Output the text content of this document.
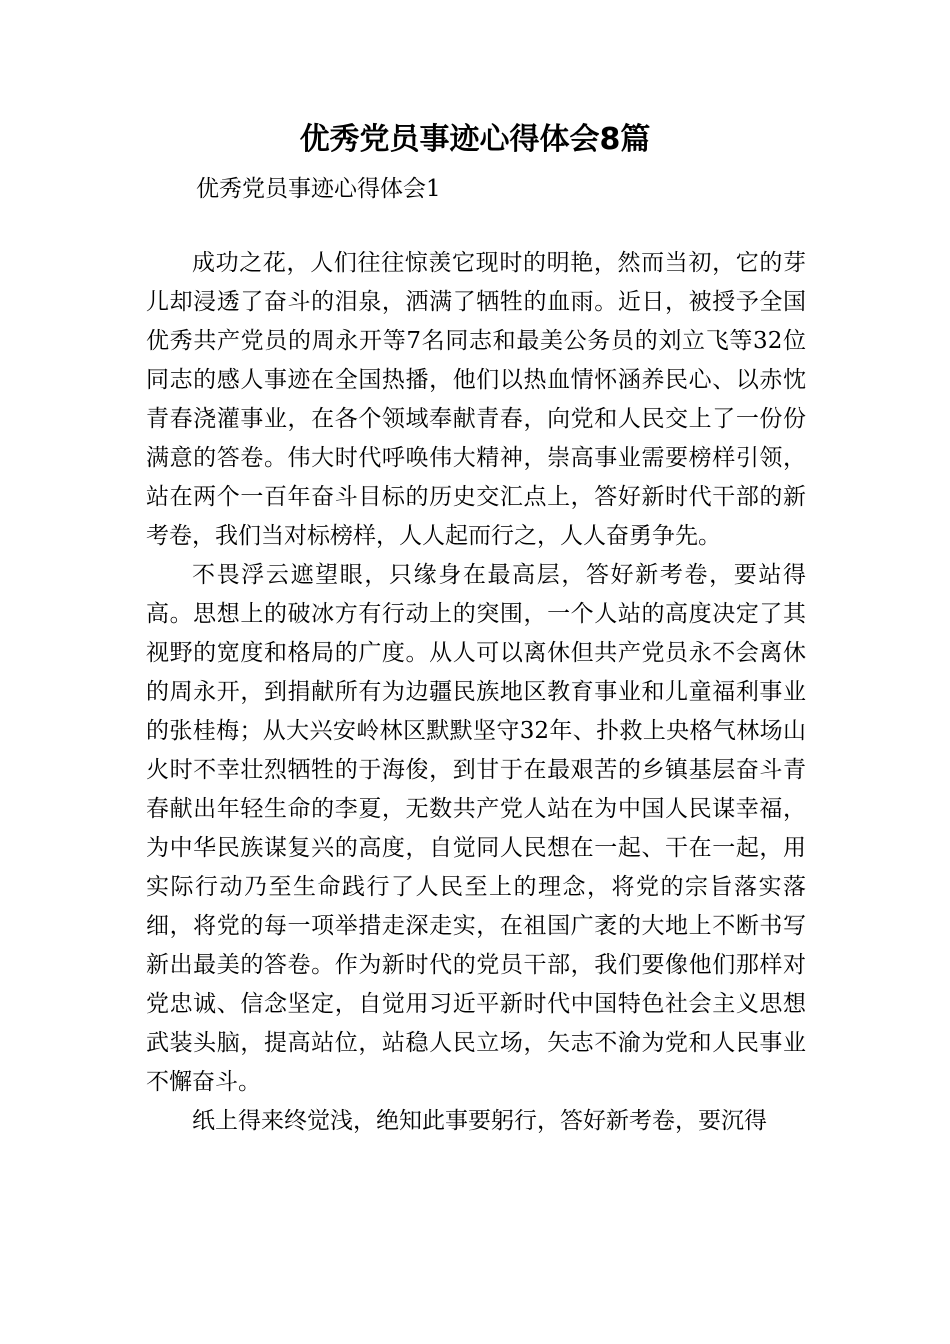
优秀党员事迹心得体会8篇

优秀党员事迹心得体会1

成功之花，人们往往惊羡它现时的明艳，然而当初，它的芽儿却浸透了奋斗的泪泉，洒满了牺牲的血雨。近日，被授予全国优秀共产党员的周永开等7名同志和最美公务员的刘立飞等32位同志的感人事迹在全国热播，他们以热血情怀涵养民心、以赤忱青春浇灌事业，在各个领域奉献青春，向党和人民交上了一份份满意的答卷。伟大时代呼唤伟大精神，崇高事业需要榜样引领，站在两个一百年奋斗目标的历史交汇点上，答好新时代干部的新考卷，我们当对标榜样，人人起而行之，人人奋勇争先。

不畏浮云遮望眼，只缘身在最高层，答好新考卷，要站得高。思想上的破冰方有行动上的突围，一个人站的高度决定了其视野的宽度和格局的广度。从人可以离休但共产党员永不会离休的周永开，到捐献所有为边疆民族地区教育事业和儿童福利事业的张桂梅；从大兴安岭林区默默坚守32年、扑救上央格气林场山火时不幸壮烈牺牲的于海俊，到甘于在最艰苦的乡镇基层奋斗青春献出年轻生命的李夏，无数共产党人站在为中国人民谋幸福，为中华民族谋复兴的高度，自觉同人民想在一起、干在一起，用实际行动乃至生命践行了人民至上的理念，将党的宗旨落实落细，将党的每一项举措走深走实，在祖国广袤的大地上不断书写新出最美的答卷。作为新时代的党员干部，我们要像他们那样对党忠诚、信念坚定，自觉用习近平新时代中国特色社会主义思想武装头脑，提高站位，站稳人民立场，矢志不渝为党和人民事业不懈奋斗。

纸上得来终觉浅，绝知此事要躬行，答好新考卷，要沉得
